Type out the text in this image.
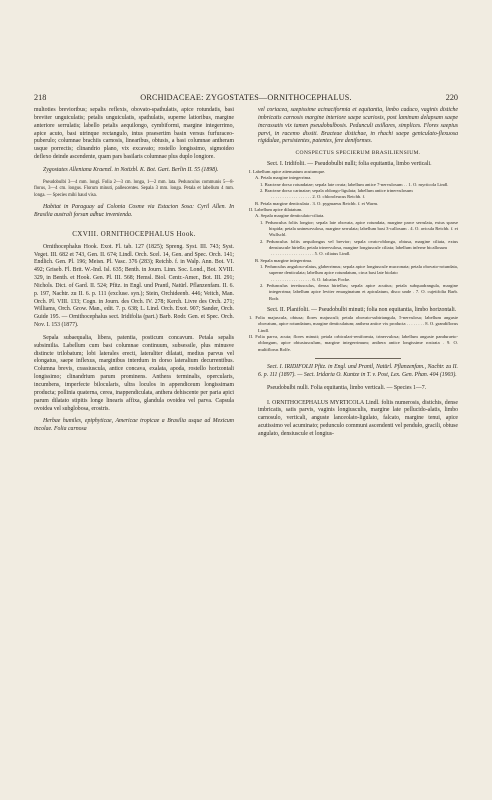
218	ORCHIDACEAE: ZYGOSTATES—ORNITHOCEPHALUS.	220

multoties brevioribus; sepalis reflexis, obovato-spathulatis, apice rotundatis, basi breviter unguiculatis; petalis unguiculatis, spathulatis, superne latioribus, margine anteriore serrulatis; labello petalis aequilongo, cymbiformi, margine integerrimo, apice acuto, basi utrinque rectangulo, intus praesertim basin versus furfuraceo-puberulo; columnae brachiis carnosis, linearibus, obtusis, a basi columnae antheram usque porrectis; clinandrio plano, vix excavato; rostello longissimo, sigmoideo deflexo deinde ascendente, quam pars basilaris columnae plus duplo longiore.

Zygostates Alleniana Kraenzl. in Notizbl. K. Bot. Gart. Berlin II. 55 (1898).

Pseudobulbi 3—4 mm. longi. Folia 2—3 cm. longa, 1—2 mm. lata. Pedunculus communis 5—8-florus, 3—4 cm. longus. Florum minuti, pallescentes. Sepala 3 mm. longa. Petala et labellum 4 mm. longa. — Species mihi haud visa.

Habitat in Paraguay ad Colonia Cosme via Estacion Sosa: Cyril Allen. In Brasilia australi forsan adhuc invenienda.

CXVIII. ORNITHOCEPHALUS Hook.

Ornithocephalus Hook. Exot. Fl. tab. 127 (1825); Spreng. Syst. III. 743; Syst. Veget. III. 682 et 743, Gen. II. 674; Lindl. Orch. Scel. 14, Gen. and Spec. Orch. 141; Endlich. Gen. Pl. 196; Meisn. Pl. Vasc. 376 (283); Reichb. f. in Walp. Ann. Bot. VI. 492; Griseb. Fl. Brit. W.-Ind. Isl. 635; Benth. in Journ. Linn. Soc. Lond., Bot. XVIII. 329, in Benth. et Hook. Gen. Pl. III. 568; Hemsl. Biol. Centr.-Amer., Bot. III. 291; Nichols. Dict. of Gard. II. 524; Pfitz. in Engl. und Prantl, Natürl. Pflanzenfam. II. 6. p. 197, Nachtr. zu II. 6. p. 111 (excluse. syn.); Stein, Orchideenb. 446; Veitch, Man. Orch. Pl. VIII. 133; Cogn. in Journ. des Orch. IV. 278; Kerch. Livre des Orch. 271; Williams, Orch. Grow. Man., edit. 7. p. 638; L. Lind. Orch. Exot. 907; Sander, Orch. Guide 195. — Ornithocephalus sect. Iridifolia (part.) Barb. Rodr. Gen. et Spec. Orch. Nov. I. 153 (1877).

Sepala subaequalia, libera, patentia, posticum concavum. Petala sepalis subsimilia. Labellum cum basi columnae continuum, subsessile, plus minusve distincte trilobatum; lobi laterales erecti, lateraliter dilatati, medius parvus vel elongatus, saepe inflexus, marginibus interdum in dorso lateralium decurrentibus. Columna brevis, crassiuscula, antice concava, exalata, apoda, rostello horizontali longissimo; clinandrium parum prominens. Anthera terminalis, opercularis, incumbens, imperfecte bilocularis, ultra loculos in appendiceum longissimam producta; pollinia quaterna, cerea, inappendiculata, anthera dehiscente per paria apici parum dilatato stipitis longe linearis affixa, glandula ovoidea vel parva. Capsula ovoidea vel subglobosa, erostris.

Herbae humiles, epiphyticae, Americae tropicae a Brasilia usque ad Mexicum incolae. Folia carnosa

vel coriacea, saepissime acinaciformia et equitantia, limbo caduco, vaginis distiche imbricatis carnosis margine interiore saepe scariosis, post laminam delapsam saepe incrassatis vix tamen pseudobulbosis. Pedunculi axillares, simplices. Flores saepius parvi, in racemo dissiti. Bracteae distichae, in rhachi saepe geniculato-flexuosa rigidulae, persistentes, patentes, fere deniformes.

CONSPECTUS SPECIERUM BRASILIENSIUM.

Sect. I. Iridifolii. — Pseudobulbi nulli; folia equitantia, limbo verticali.

I. Labellum apice attenuatum acutumque.

A. Petala margine integerrima.

1. Bracteae dorso rotundatae; sepala late ovata; labellum antice 7-nervulosum . . 1. O. myrticola Lindl.

2. Bracteae dorso carinatae; sepala oblongo-ligulata; labellum antice trinervulosum

. . . . . . . . . . . . . . . . . . 2. O. chloroleucus Reichb. f.

B. Petala margine denticulata . 3. O. pygmaeus Reichb. f. et Warm.

II. Labellum apice dilatatum.

A. Sepala margine denticulato-ciliata.

1. Pedunculus foliis longior; sepala late obovata, apice rotundata, margine parce serrulata, extus sparse hispida; petala unineurvulosa, margine serrulata; labellum basi 3-callosum . 4. O. avicula Reichb. f. et Wullschl.

2. Pedunculus foliis aequilongus vel brevior; sepala ovato-oblonga, obtusa, margine ciliata, extus densiuscule hirtella; petala trinervulosa, margine longiuscule ciliata; labellum inferne bicallosum

. . . . . . . . . . . . . . . . . . . 5. O. ciliatus Lindl.

B. Sepala margine integerrima.

1. Pedunculus anguloso-alatus, glaberrimus; sepala apice longiuscule mucronata; petala obovato-rotundata, superne denticulata; labellum apice rotundatum, circa basi late biolato

. . . . . . . . . . . . . . . . . . 6. O. falcatus Focke.

2. Pedunculus teretiusculus, densa hirtellus; sepala apice acutius; petala subquadrangula, margine integerrima; labellum apice leviter emarginatum et apiculatum, disco unde . 7. O. cujetifolia Barb. Rodr.

Sect. II. Planifolii. — Pseudobulbi minuti; folia non equitantia, limbo horizontali.

1. Folia majuscula, obtusa; flores majusculi; petala obovato-subtriangula, 5-nervulosa; labellum anguste obovatum, apice rotundatum, margine denticulatum; anthera antice vix producta . . . . . . . . 8. O. grandiflorus Lindl.

II. Folia parva, acuta; flores minuti; petala orbiculari-reniformia, trinervulosa; labellum anguste panduraeto-oblongum, apice obtusiusculum, margine integerrimum; anthera antice longissime rostrata . 9. O. multiflorus Rolfe.

Sect. I. IRIDIFOLII Pfitz. in Engl. und Prantl, Natürl. Pflanzenfam., Nachtr. zu II. 6. p. 111 (1897). — Sect. Iridaria O. Kuntze in T. v. Post, Lex. Gen. Phan. 404 (1903).

Pseudobulbi nulli. Folia equitantia, limbo verticali. — Species 1—7.

I. ORNITHOCEPHALUS MYRTICOLA Lindl. foliis numerosis, distichis, dense imbricatis, satis parvis, vaginis longiusculis, margine late pellucido-alatis, limbo carnosulo, verticali, anguste lanceolato-ligulato, falcato, margine tenui, apice acutissimo vel acuminato; pedunculo communi ascendenti vel penduło, gracili, obtuse angulato, densiuscule et longius-
